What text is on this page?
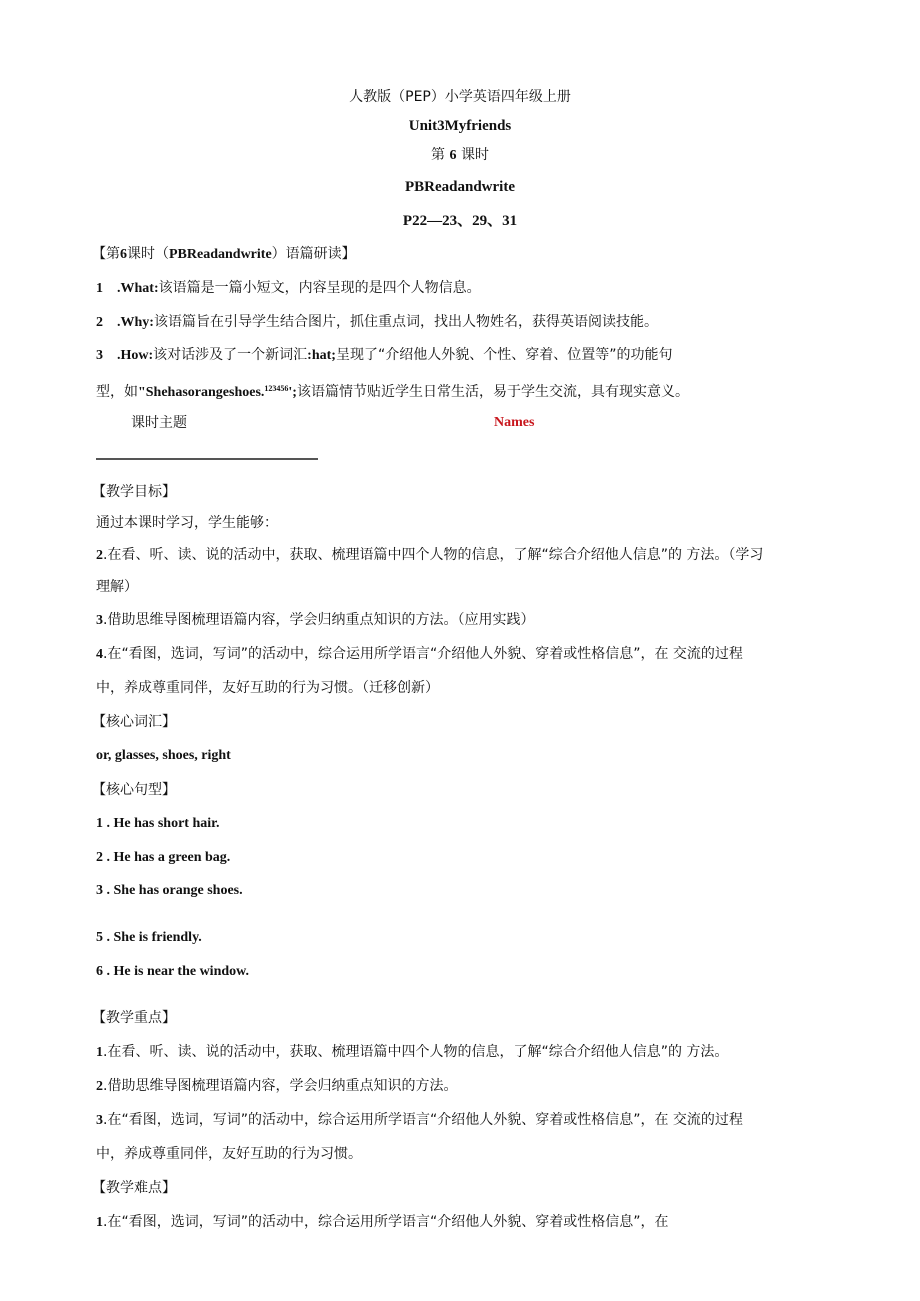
人教版（PEP）小学英语四年级上册
Unit3Myfriends
第 6 课时
PBReadandwrite
P22—23、29、31
【第6课时（PBReadandwrite）语篇研读】
1 .What:该语篇是一篇小短文，内容呈现的是四个人物信息。
2 .Why:该语篇旨在引导学生结合图片，抓住重点词，找出人物姓名，获得英语阅读技能。
3 .How:该对话涉及了一个新词汇:hat;呈现了“介绍他人外貌、个性、穿着、位置等”的功能句
型，如"Shehasorangeshoes.$^{123456}$';该语篇情节贴近学生日常生活，易于学生交流，具有现实意义。
课时主题	Names
【教学目标】
通过本课时学习，学生能够：
2.在看、听、读、说的活动中，获取、梳理语篇中四个人物的信息，了解“综合介绍他人信息”的 方法。（学习
理解）
3.借助思维导图梳理语篇内容，学会归纳重点知识的方法。（应用实践）
4.在“看图，选词，写词”的活动中，综合运用所学语言“介绍他人外貌、穿着或性格信息”，在 交流的过程
中，养成尊重同伴，友好互助的行为习惯。（迁移创新）
【核心词汇】
or, glasses, shoes, right
【核心句型】
1 . He has short hair.
2 . He has a green bag.
3 . She has orange shoes.
5 . She is friendly.
6 . He is near the window.
【教学重点】
1.在看、听、读、说的活动中，获取、梳理语篇中四个人物的信息，了解“综合介绍他人信息”的 方法。
2.借助思维导图梳理语篇内容，学会归纳重点知识的方法。
3.在“看图，选词，写词”的活动中，综合运用所学语言“介绍他人外貌、穿着或性格信息”，在 交流的过程
中，养成尊重同伴，友好互助的行为习惯。
【教学难点】
1.在“看图，选词，写词”的活动中，综合运用所学语言“介绍他人外貌、穿着或性格信息”，在
